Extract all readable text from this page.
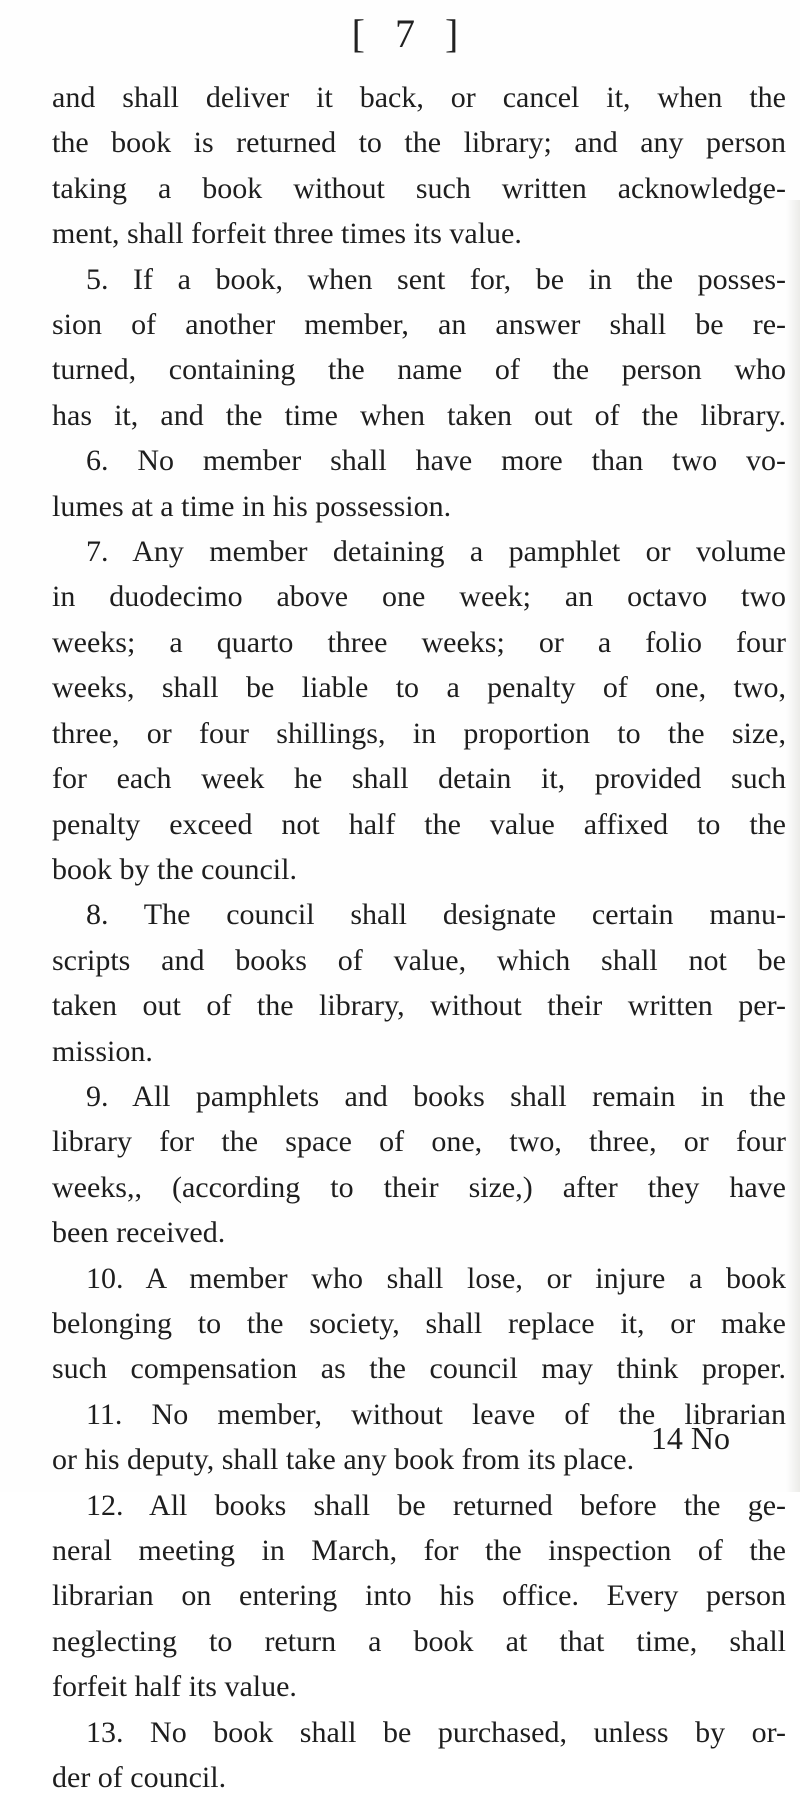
[ 7 ]
and shall deliver it back, or cancel it, when the
the book is returned to the library; and any person
taking a book without such written acknowledge-
ment, shall forfeit three times its value.
5. If a book, when sent for, be in the posses-
sion of another member, an answer shall be re-
turned, containing the name of the person who
has it, and the time when taken out of the library.
6. No member shall have more than two vo-
lumes at a time in his possession.
7. Any member detaining a pamphlet or volume
in duodecimo above one week; an octavo two
weeks; a quarto three weeks; or a folio four
weeks, shall be liable to a penalty of one, two,
three, or four shillings, in proportion to the size,
for each week he shall detain it, provided such
penalty exceed not half the value affixed to the
book by the council.
8. The council shall designate certain manu-
scripts and books of value, which shall not be
taken out of the library, without their written per-
mission.
9. All pamphlets and books shall remain in the
library for the space of one, two, three, or four
weeks,, (according to their size,) after they have
been received.
10. A member who shall lose, or injure a book
belonging to the society, shall replace it, or make
such compensation as the council may think proper.
11. No member, without leave of the librarian
or his deputy, shall take any book from its place.
12. All books shall be returned before the ge-
neral meeting in March, for the inspection of the
librarian on entering into his office. Every person
neglecting to return a book at that time, shall
forfeit half its value.
13. No book shall be purchased, unless by or-
der of council.
14 No
